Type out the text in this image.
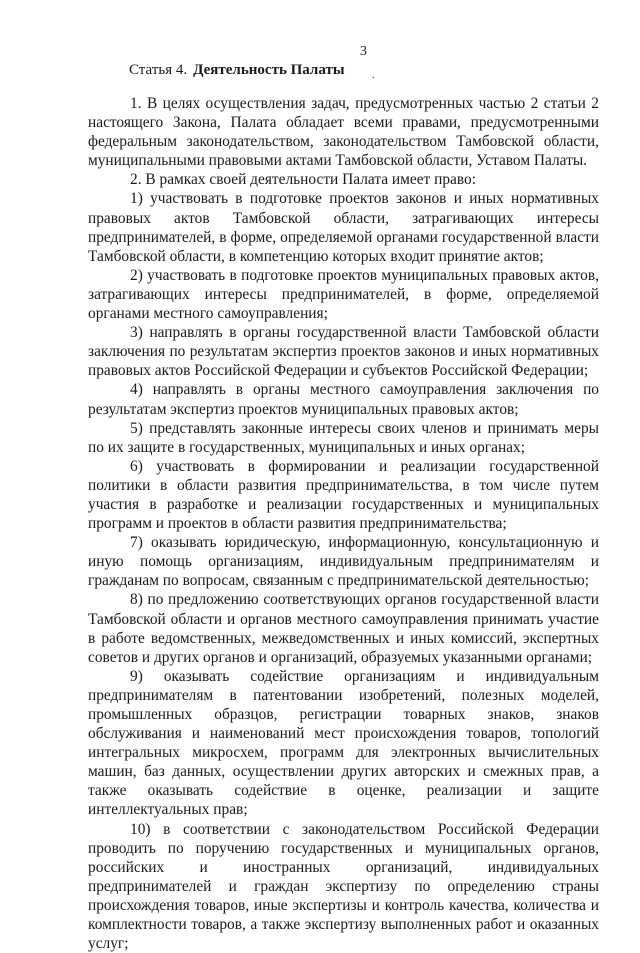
3
Статья 4. Деятельность Палаты	.

1. В целях осуществления задач, предусмотренных частью 2 статьи 2 настоящего Закона, Палата обладает всеми правами, предусмотренными федеральным законодательством, законодательством Тамбовской области, муниципальными правовыми актами Тамбовской области, Уставом Палаты.

2. В рамках своей деятельности Палата имеет право:

1) участвовать в подготовке проектов законов и иных нормативных правовых актов Тамбовской области, затрагивающих интересы предпринимателей, в форме, определяемой органами государственной власти Тамбовской области, в компетенцию которых входит принятие актов;

2) участвовать в подготовке проектов муниципальных правовых актов, затрагивающих интересы предпринимателей, в форме, определяемой органами местного самоуправления;

3) направлять в органы государственной власти Тамбовской области заключения по результатам экспертиз проектов законов и иных нормативных правовых актов Российской Федерации и субъектов Российской Федерации;

4) направлять в органы местного самоуправления заключения по результатам экспертиз проектов муниципальных правовых актов;

5) представлять законные интересы своих членов и принимать меры по их защите в государственных, муниципальных и иных органах;

6) участвовать в формировании и реализации государственной политики в области развития предпринимательства, в том числе путем участия в разработке и реализации государственных и муниципальных программ и проектов в области развития предпринимательства;

7) оказывать юридическую, информационную, консультационную и иную помощь организациям, индивидуальным предпринимателям и гражданам по вопросам, связанным с предпринимательской деятельностью;

8) по предложению соответствующих органов государственной власти Тамбовской области и органов местного самоуправления принимать участие в работе ведомственных, межведомственных и иных комиссий, экспертных советов и других органов и организаций, образуемых указанными органами;

9) оказывать содействие организациям и индивидуальным предпринимателям в патентовании изобретений, полезных моделей, промышленных образцов, регистрации товарных знаков, знаков обслуживания и наименований мест происхождения товаров, топологий интегральных микросхем, программ для электронных вычислительных машин, баз данных, осуществлении других авторских и смежных прав, а также оказывать содействие в оценке, реализации и защите интеллектуальных прав;

10) в соответствии с законодательством Российской Федерации проводить по поручению государственных и муниципальных органов, российских и иностранных организаций, индивидуальных предпринимателей и граждан экспертизу по определению страны происхождения товаров, иные экспертизы и контроль качества, количества и комплектности товаров, а также экспертизу выполненных работ и оказанных услуг;
